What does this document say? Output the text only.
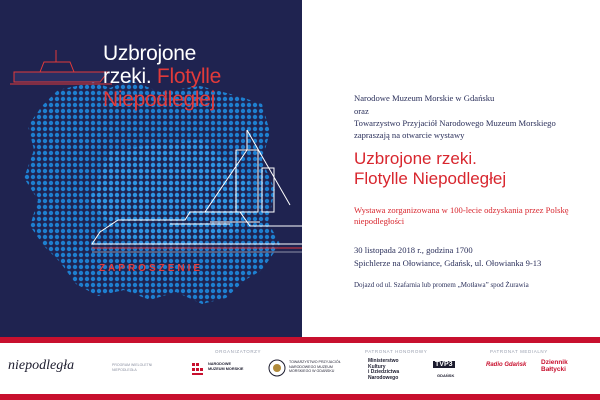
Uzbrojone
rzeki. Flotylle
Niepodległej
ZAPROSZENIE
Narodowe Muzeum Morskie w Gdańsku
oraz
Towarzystwo Przyjaciół Narodowego Muzeum Morskiego
zapraszają na otwarcie wystawy
Uzbrojone rzeki.
Flotylle Niepodległej
Wystawa zorganizowana w 100-lecie odzyskania przez Polskę niepodległości
30 listopada 2018 r., godzina 1700
Spichlerze na Ołowiance, Gdańsk, ul. Ołowianka 9-13
Dojazd od ul. Szafarnia lub promem „Motława” spod Żurawia
ORGANIZATORZY	PATRONAT HONOROWY	PATRONAT MEDIALNY
niepodległa	PROGRAM WIELOLETNI NIEPODLEGŁA
NARODOWE MUZEUM MORSKIE
TOWARZYSTWO PRZYJACIÓŁ NARODOWEGO MUZEUM MORSKIEGO W GDAŃSKU
Ministerstwo
Kultury
i Dziedzictwa
Narodowego
TVP3
GDAŃSK
Radio Gdańsk Dziennik
Bałtycki
